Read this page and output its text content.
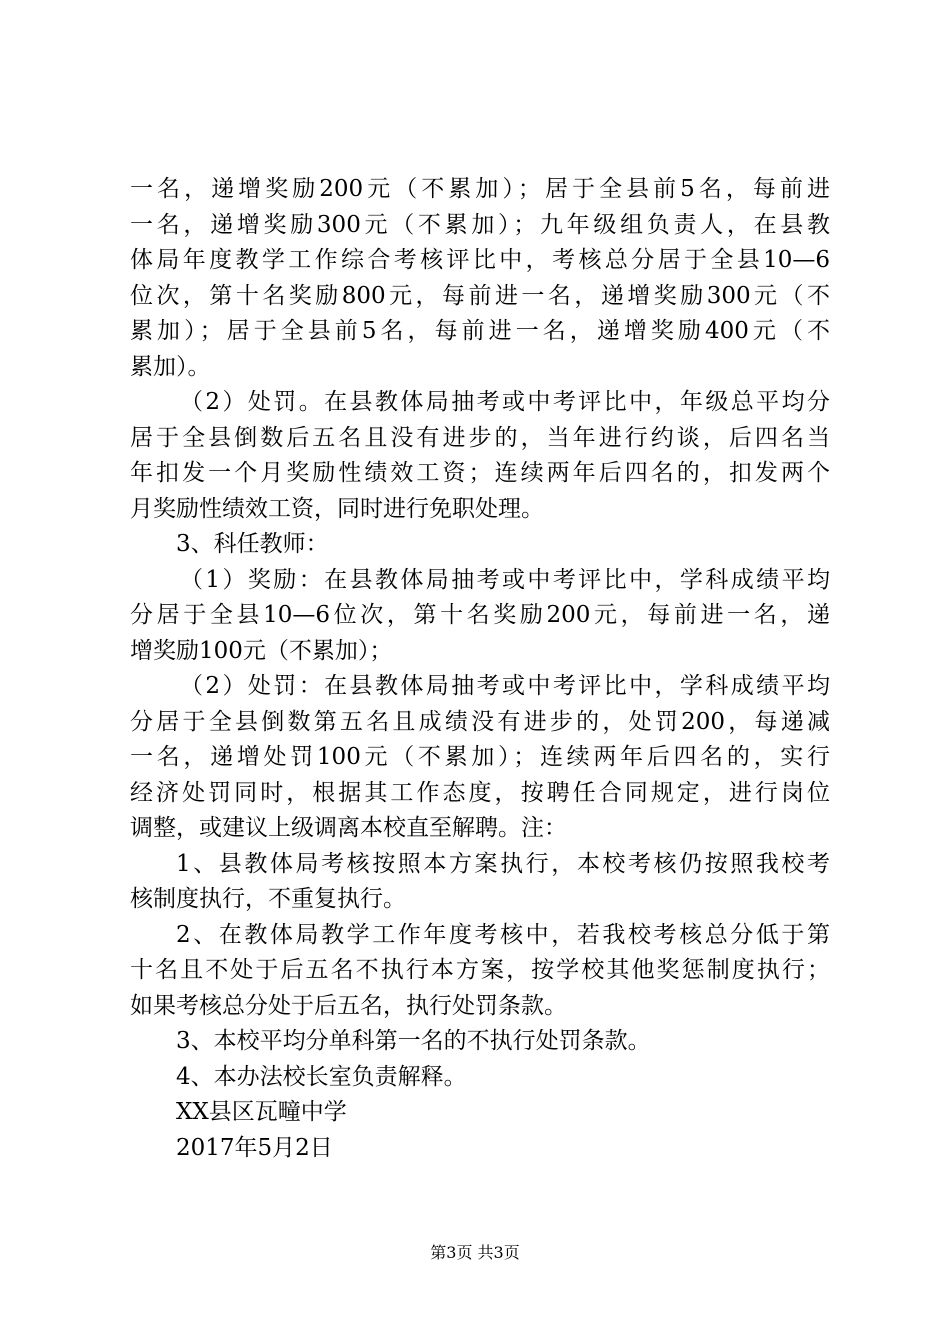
一名，递增奖励200元（不累加）；居于全县前5名，每前进
一名，递增奖励300元（不累加）；九年级组负责人，在县教
体局年度教学工作综合考核评比中，考核总分居于全县10—6
位次，第十名奖励800元，每前进一名，递增奖励300元（不
累加）；居于全县前5名，每前进一名，递增奖励400元（不
累加）。
（2）处罚。在县教体局抽考或中考评比中，年级总平均分
居于全县倒数后五名且没有进步的，当年进行约谈，后四名当
年扣发一个月奖励性绩效工资；连续两年后四名的，扣发两个
月奖励性绩效工资，同时进行免职处理。
3、科任教师：
（1）奖励：在县教体局抽考或中考评比中，学科成绩平均
分居于全县10—6位次，第十名奖励200元，每前进一名，递
增奖励100元（不累加）；
（2）处罚：在县教体局抽考或中考评比中，学科成绩平均
分居于全县倒数第五名且成绩没有进步的，处罚200，每递减
一名，递增处罚100元（不累加）；连续两年后四名的，实行
经济处罚同时，根据其工作态度，按聘任合同规定，进行岗位
调整，或建议上级调离本校直至解聘。注：
1、县教体局考核按照本方案执行，本校考核仍按照我校考
核制度执行，不重复执行。
2、在教体局教学工作年度考核中，若我校考核总分低于第
十名且不处于后五名不执行本方案，按学校其他奖惩制度执行；
如果考核总分处于后五名，执行处罚条款。
3、本校平均分单科第一名的不执行处罚条款。
4、本办法校长室负责解释。
XX县区瓦疃中学
2017年5月2日
第3页 共3页
